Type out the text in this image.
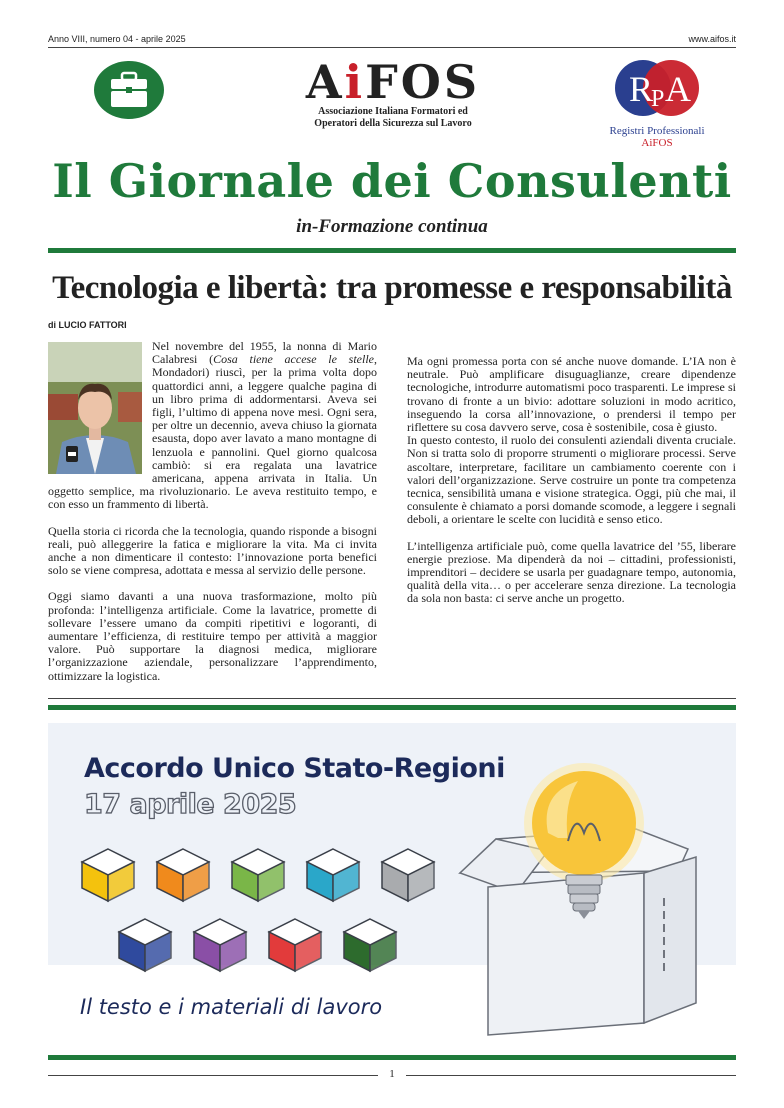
Anno VIII, numero 04 - aprile 2025	www.aifos.it
AiFOS
Associazione Italiana Formatori ed
Operatori della Sicurezza sul Lavoro
R
P A
Registri Professionali
AiFOS
Il Giornale dei Consulenti
in-Formazione continua
Tecnologia e libertà: tra promesse e responsabilità
di LUCIO FATTORI

Nel novembre del 1955, la nonna di Mario Calabresi (Cosa tiene accese le stelle, Mondadori) riuscì, per la prima volta dopo quattordici anni, a leggere qualche pagina di un libro prima di addormentarsi. Aveva sei figli, l’ultimo di appena nove mesi. Ogni sera, per oltre un decennio, aveva chiuso la giornata esausta, dopo aver lavato a mano montagne di lenzuola e pannolini. Quel giorno qualcosa cambiò: si era regalata una lavatrice americana, appena arrivata in Italia. Un oggetto semplice, ma rivoluzionario. Le aveva restituito tempo, e con esso un frammento di libertà.

Quella storia ci ricorda che la tecnologia, quando risponde a bisogni reali, può alleggerire la fatica e migliorare la vita. Ma ci invita anche a non dimenticare il contesto: l’innovazione porta benefici solo se viene compresa, adottata e messa al servizio delle persone.

Oggi siamo davanti a una nuova trasformazione, molto più profonda: l’intelligenza artificiale. Come la lavatrice, promette di sollevare l’essere umano da compiti ripetitivi e logoranti, di aumentare l’efficienza, di restituire tempo per attività a maggior valore. Può supportare la diagnosi medica, migliorare l’organizzazione aziendale, personalizzare l’apprendimento, ottimizzare la logistica.

Ma ogni promessa porta con sé anche nuove domande. L’IA non è neutrale. Può amplificare disuguaglianze, creare dipendenze tecnologiche, introdurre automatismi poco trasparenti. Le imprese si trovano di fronte a un bivio: adottare soluzioni in modo acritico, inseguendo la corsa all’innovazione, o prendersi il tempo per riflettere su cosa davvero serve, cosa è sostenibile, cosa è giusto.

In questo contesto, il ruolo dei consulenti aziendali diventa cruciale. Non si tratta solo di proporre strumenti o migliorare processi. Serve ascoltare, interpretare, facilitare un cambiamento coerente con i valori dell’organizzazione. Serve costruire un ponte tra competenza tecnica, sensibilità umana e visione strategica. Oggi, più che mai, il consulente è chiamato a porsi domande scomode, a leggere i segnali deboli, a orientare le scelte con lucidità e senso etico.

L’intelligenza artificiale può, come quella lavatrice del ’55, liberare energie preziose. Ma dipenderà da noi – cittadini, professionisti, imprenditori – decidere se usarla per guadagnare tempo, autonomia, qualità della vita… o per accelerare senza direzione. La tecnologia da sola non basta: ci serve anche un progetto.

Accordo Unico Stato-Regioni
17 aprile 2025
Il testo e i materiali di lavoro
1
